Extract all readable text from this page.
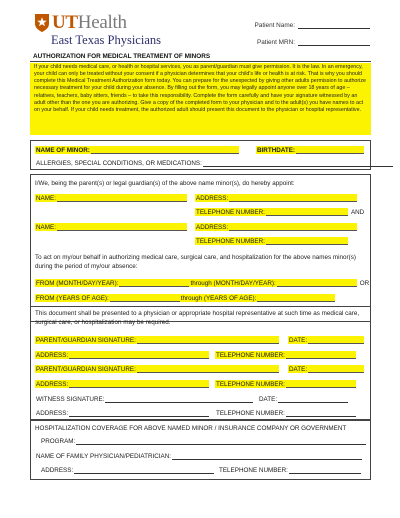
UTHealth
East Texas Physicians
Patient Name:
Patient MRN:
AUTHORIZATION FOR MEDICAL TREATMENT OF MINORS
If your child needs medical care, or health or hospital services, you as parent/guardian must give permission. It is the law. In an emergency, your child can only be treated without your consent if a physician determines that your child's life or health is at risk. That is why you should complete this Medical Treatment Authorization form today. You can prepare for the unexpected by giving other adults permission to authorize necessary treatment for your child during your absence. By filling out the form, you may legally appoint anyone over 18 years of age – relatives, teachers, baby sitters, friends – to take this responsibility. Complete the form carefully and have your signature witnessed by an adult other than the one you are authorizing. Give a copy of the completed form to your physician and to the adult(s) you have names to act on your behalf. If your child needs treatment, the authorized adult should present this document to the physician or hospital representative.
NAME OF MINOR:	BIRTHDATE:
ALLERGIES, SPECIAL CONDITIONS, OR MEDICATIONS:
I/We, being the parent(s) or legal guardian(s) of the above name minor(s), do hereby appoint:
NAME:	ADDRESS:
TELEPHONE NUMBER:	AND
NAME:	ADDRESS:
TELEPHONE NUMBER:
To act on my/our behalf in authorizing medical care, surgical care, and hospitalization for the above names minor(s) during the period of my/our absence:
FROM (MONTH/DAY/YEAR):	through (MONTH/DAY/YEAR):	OR
FROM (YEARS OF AGE):	through (YEARS OF AGE):
This document shall be presented to a physician or appropriate hospital representative at such time as medical care, surgical care, or hospitalization may be required.
PARENT/GUARDIAN SIGNATURE:	DATE:
ADDRESS:	TELEPHONE NUMBER:
PARENT/GUARDIAN SIGNATURE:	DATE:
ADDRESS:	TELEPHONE NUMBER:
WITNESS SIGNATURE:	DATE:
ADDRESS:	TELEPHONE NUMBER:
HOSPITALIZATION COVERAGE FOR ABOVE NAMED MINOR / INSURANCE COMPANY OR GOVERNMENT
PROGRAM:
NAME OF FAMILY PHYSICIAN/PEDIATRICIAN:
ADDRESS:	TELEPHONE NUMBER:
